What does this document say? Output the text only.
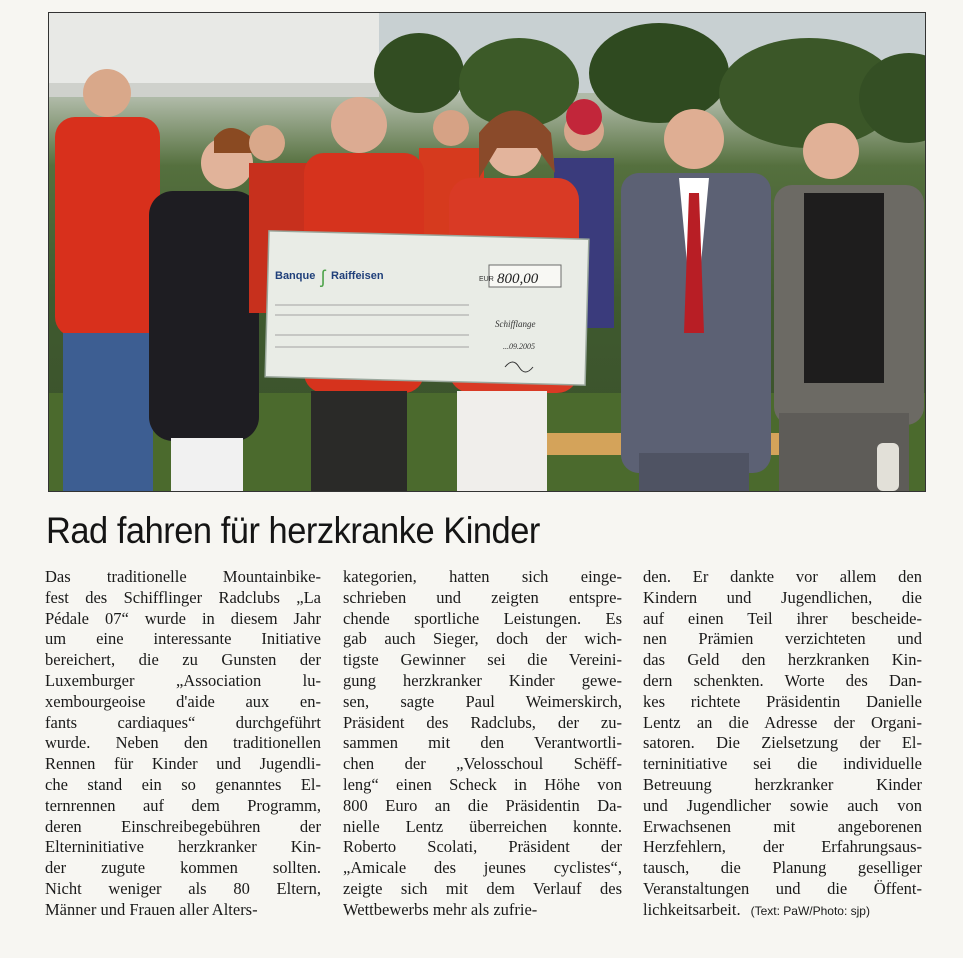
Banque ʃ Raiffeisen	EUR 800,00
Schifflange
...09.2005
Rad fahren für herzkranke Kinder
Das traditionelle Mountainbike-
fest des Schifflinger Radclubs „La
Pédale 07“ wurde in diesem Jahr
um eine interessante Initiative
bereichert, die zu Gunsten der
Luxemburger „Association lu-
xembourgeoise d'aide aux en-
fants cardiaques“ durchgeführt
wurde. Neben den traditionellen
Rennen für Kinder und Jugendli-
che stand ein so genanntes El-
ternrennen auf dem Programm,
deren Einschreibegebühren der
Elterninitiative herzkranker Kin-
der zugute kommen sollten.
Nicht weniger als 80 Eltern,
Männer und Frauen aller Alters-
kategorien, hatten sich einge-
schrieben und zeigten entspre-
chende sportliche Leistungen. Es
gab auch Sieger, doch der wich-
tigste Gewinner sei die Vereini-
gung herzkranker Kinder gewe-
sen, sagte Paul Weimerskirch,
Präsident des Radclubs, der zu-
sammen mit den Verantwortli-
chen der „Velosschoul Schëff-
leng“ einen Scheck in Höhe von
800 Euro an die Präsidentin Da-
nielle Lentz überreichen konnte.
Roberto Scolati, Präsident der
„Amicale des jeunes cyclistes“,
zeigte sich mit dem Verlauf des
Wettbewerbs mehr als zufrie-
den. Er dankte vor allem den
Kindern und Jugendlichen, die
auf einen Teil ihrer bescheide-
nen Prämien verzichteten und
das Geld den herzkranken Kin-
dern schenkten. Worte des Dan-
kes richtete Präsidentin Danielle
Lentz an die Adresse der Organi-
satoren. Die Zielsetzung der El-
terninitiative sei die individuelle
Betreuung herzkranker Kinder
und Jugendlicher sowie auch von
Erwachsenen mit angeborenen
Herzfehlern, der Erfahrungsaus-
tausch, die Planung geselliger
Veranstaltungen und die Öffent-
lichkeitsarbeit. (Text: PaW/Photo: sjp)
